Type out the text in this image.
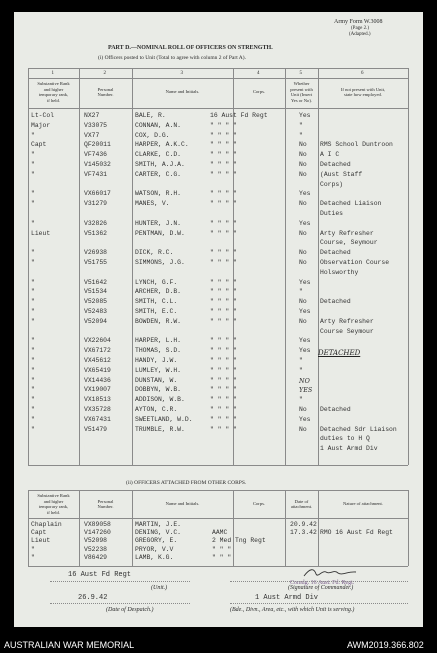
Army Form W.3008
(Page 2.)
(Adapted.)
PART D.—NOMINAL ROLL OF OFFICERS ON STRENGTH.
(i) Officers posted to Unit (Total to agree with column 2 of Part A).
1	2	3	4	5	6
Substantive Rank
and higher
temporary rank,
if held.
Personal
Number.
Name and Initials.	Corps.
Whether
present with
Unit (Insert
Yes or No).
If not present with Unit,
state how employed.
Lt-Col	NX27	BALE, R.	16 Aust Fd Regt	Yes
Major	V33075	CONNAN, A.N.	" " " "	"
"	VX77	COX, D.G.	" " " "	"
Capt	QF20011	HARPER, A.K.C.	" " " "	No RMS School Duntroon
"	VF7436	CLARKE, C.D.	" " " "	No A I C
"	V145032	SMITH, A.J.A.	" " " "	No Detached
"	VF7431	CARTER, C.G.	" " " "	No (Aust Staff
Corps)
"	VX66017	WATSON, R.H.	" " " "	Yes
"	V31279	MANES, V.	" " " "	No Detached Liaison
Duties
"	V32826	HUNTER, J.N.	" " " "	Yes
Lieut	V51362	PENTMAN, D.W.	" " " "	No Arty Refresher
Course, Seymour
"	V26938	DICK, R.C.	" " " "	No Detached
"	V51755	SIMMONS, J.G.	" " " "	No Observation Course
Holsworthy
"	V51642	LYNCH, G.F.	" " " "	Yes
"	V51534	ARCHER, D.B.	" " " "	"
"	V52085	SMITH, C.L.	" " " "	No Detached
"	V52483	SMITH, E.C.	" " " "	Yes
"	V52094	BOWDEN, R.W.	" " " "	No Arty Refresher
Course Seymour
"	VX22604	HARPER, L.H.	" " " "	Yes
"	VX67172	THOMAS, S.D.	" " " "	Yes
"	VX45612	HANDY, J.W.	" " " "	"
"	VX65419	LUMLEY, W.H.	" " " "	"
"	VX14436	DUNSTAN, W.	" " " "	NO
"	VX19007	DOBBYN, W.B.	" " " "	YES
"	VX18513	ADDISON, W.B.	" " " "	"
"	VX35728	AYTON, C.R.	" " " "	No Detached
"	VX67431	SWEETLAND, W.D.	" " " "	Yes
"	V51479	TRUMBLE, R.W.	" " " "	No Detached Sdr Liaison
duties to H Q
1 Aust Armd Div
DETACHED
(ii) OFFICERS ATTACHED FROM OTHER CORPS.
Substantive Rank
and higher
temporary rank,
if held.
Personal
Number.
Name and Initials.	Corps.
Date of
attachment.
Nature of attachment.
Chaplain	VX89058	MARTIN, J.E.	20.9.42
Capt	V147260	DENING, V.C.	AAMC	17.3.42 RMO 16 Aust Fd Regt
Lieut	V52098	GREGORY, E.	2 Med Tng Regt
"	V52238	PRYOR, V.V	" " "
"	V86429	LAMB, K.G.	" " "
16 Aust Fd Regt
(Unit.)
Comdg. 16 Aust. Fd. Regt.
(Signature of Commander.)
26.9.42
(Date of Despatch.)
1 Aust Armd Div
(Bde., Divn., Area, etc., with which Unit is serving.)
AUSTRALIAN WAR MEMORIAL	AWM2019.366.802
